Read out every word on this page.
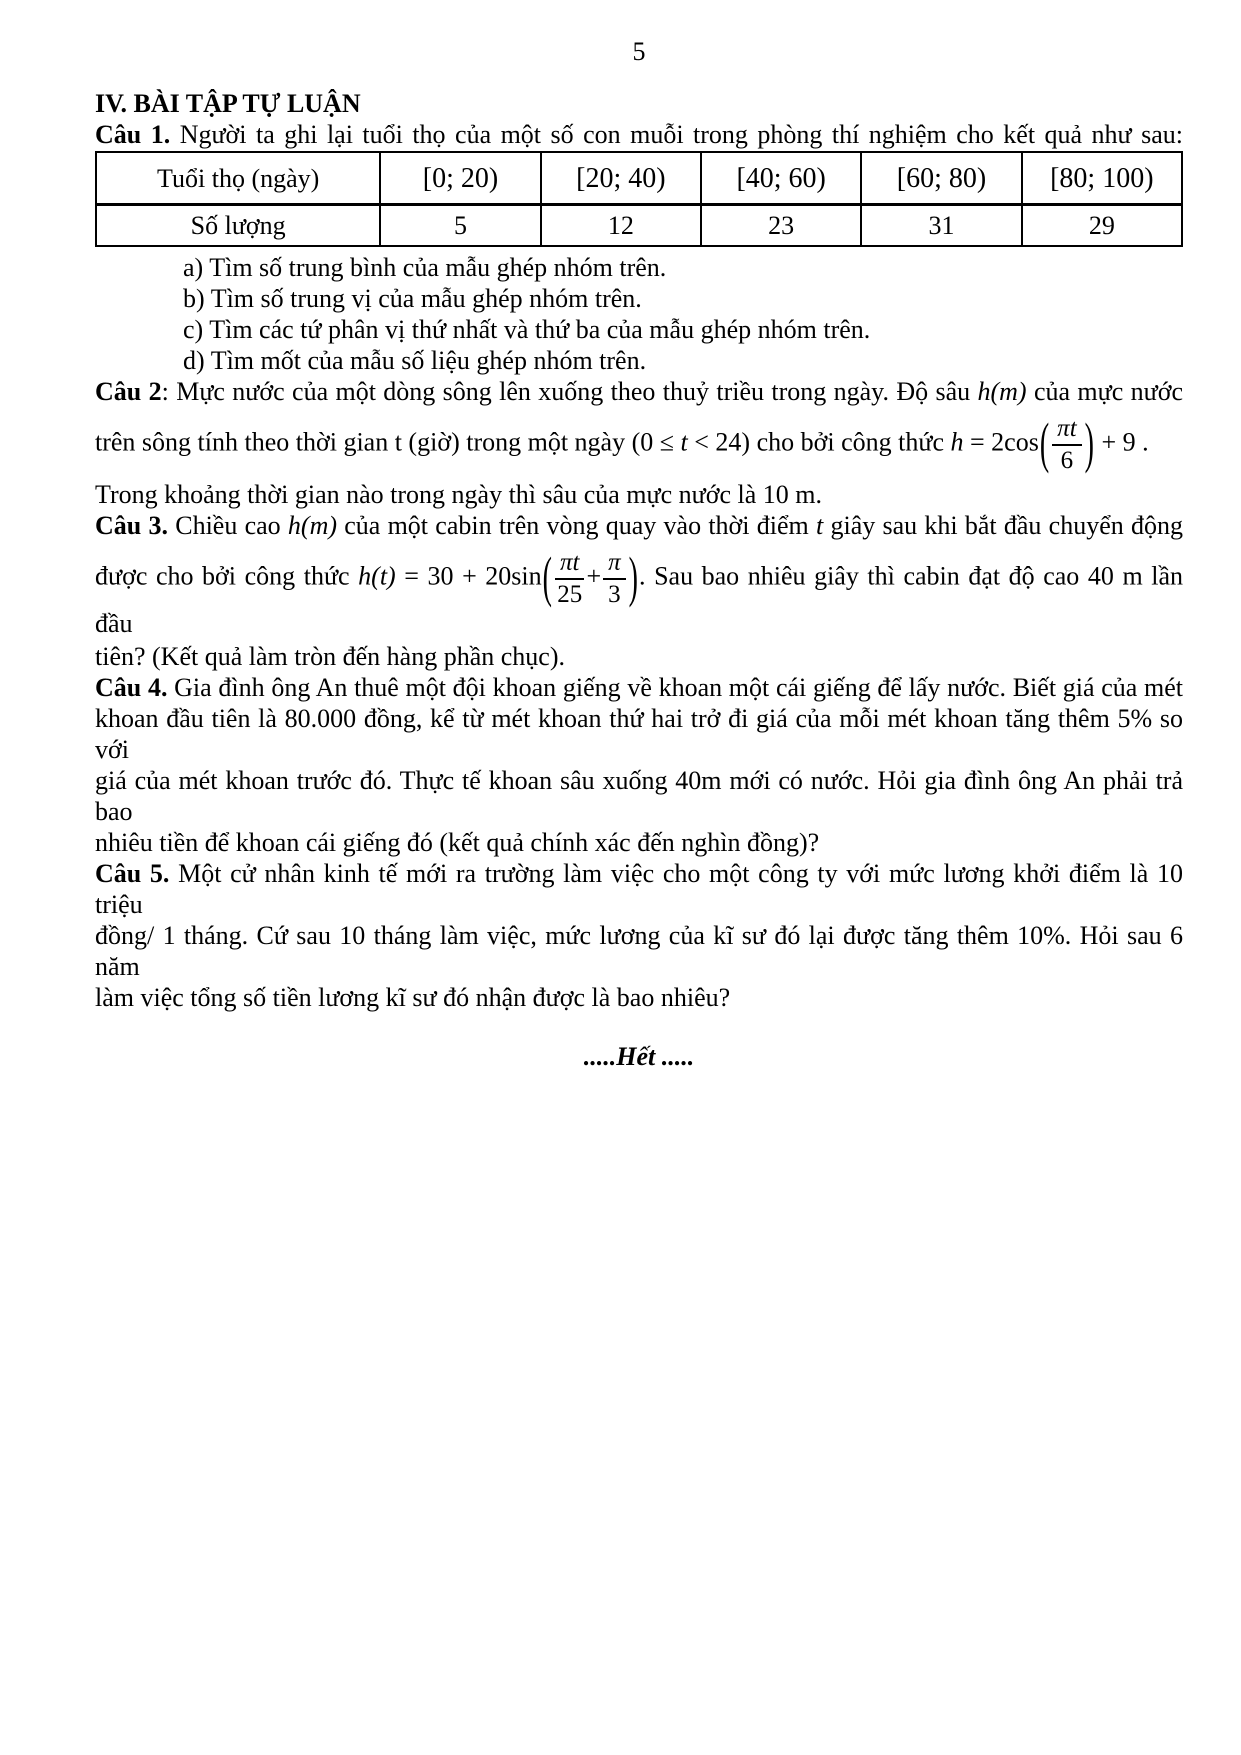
5
IV. BÀI TẬP TỰ LUẬN
Câu 1. Người ta ghi lại tuổi thọ của một số con muỗi trong phòng thí nghiệm cho kết quả như sau:
Tuổi thọ (ngày)	[0; 20)	[20; 40)	[40; 60)	[60; 80)	[80; 100)
Số lượng	5	12	23	31	29
a) Tìm số trung bình của mẫu ghép nhóm trên.
b) Tìm số trung vị của mẫu ghép nhóm trên.
c) Tìm các tứ phân vị thứ nhất và thứ ba của mẫu ghép nhóm trên.
d) Tìm mốt của mẫu số liệu ghép nhóm trên.
Câu 2: Mực nước của một dòng sông lên xuống theo thuỷ triều trong ngày. Độ sâu h(m) của mực nước
trên sông tính theo thời gian t (giờ) trong một ngày (0 ≤ t < 24) cho bởi công thức $h = 2\cos( \frac{\pi t}{6}$ ) + 9 .
Trong khoảng thời gian nào trong ngày thì sâu của mực nước là 10 m.
Câu 3. Chiều cao h(m) của một cabin trên vòng quay vào thời điểm t giây sau khi bắt đầu chuyển động
được cho bởi công thức $h(t) = 30 + 20\sin( \frac{\pi t}{25} + \frac{\pi}{3}$ ). Sau bao nhiêu giây thì cabin đạt độ cao 40 m lần đầu
tiên? (Kết quả làm tròn đến hàng phần chục).
Câu 4. Gia đình ông An thuê một đội khoan giếng về khoan một cái giếng để lấy nước. Biết giá của mét
khoan đầu tiên là 80.000 đồng, kể từ mét khoan thứ hai trở đi giá của mỗi mét khoan tăng thêm 5% so với
giá của mét khoan trước đó. Thực tế khoan sâu xuống 40m mới có nước. Hỏi gia đình ông An phải trả bao
nhiêu tiền để khoan cái giếng đó (kết quả chính xác đến nghìn đồng)?
Câu 5. Một cử nhân kinh tế mới ra trường làm việc cho một công ty với mức lương khởi điểm là 10 triệu
đồng/ 1 tháng. Cứ sau 10 tháng làm việc, mức lương của kĩ sư đó lại được tăng thêm 10%. Hỏi sau 6 năm
làm việc tổng số tiền lương kĩ sư đó nhận được là bao nhiêu?
.....Hết .....
